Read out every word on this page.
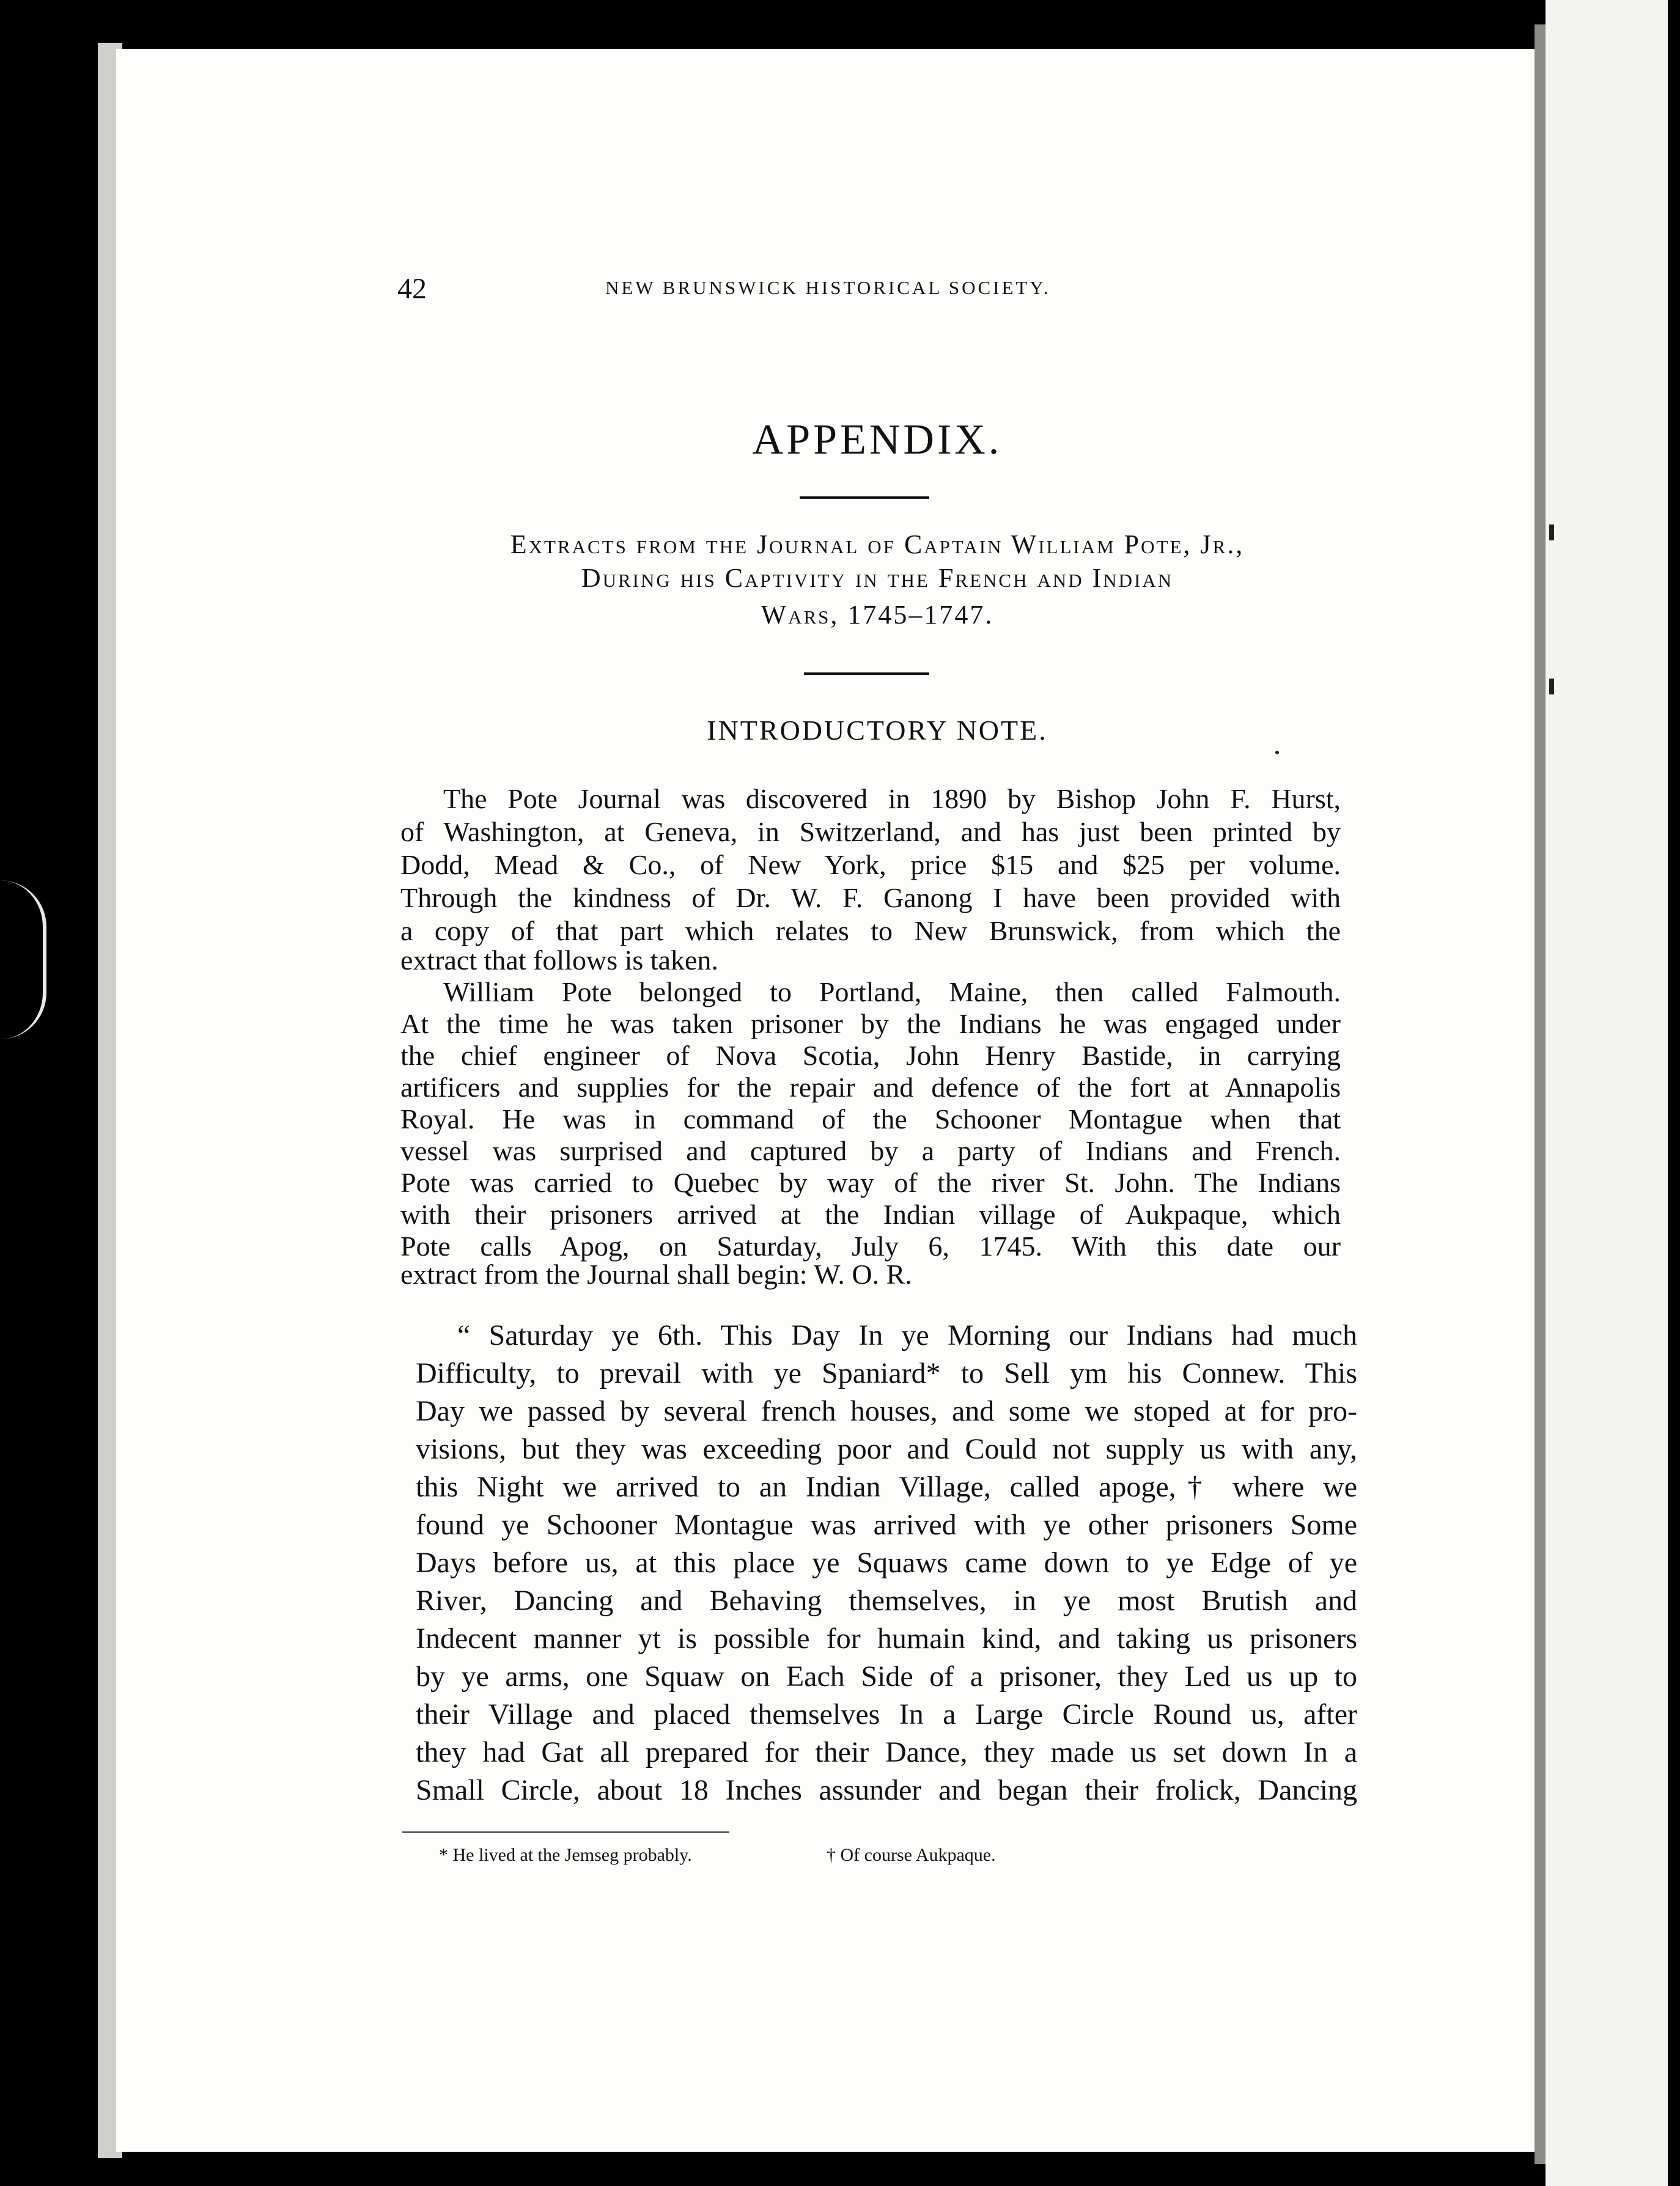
42	NEW BRUNSWICK HISTORICAL SOCIETY.
APPENDIX.
Extracts from the Journal of Captain William Pote, Jr.,
During his Captivity in the French and Indian
Wars, 1745–1747.
INTRODUCTORY NOTE.
The Pote Journal was discovered in 1890 by Bishop John F. Hurst,
of Washington, at Geneva, in Switzerland, and has just been printed by
Dodd, Mead & Co., of New York, price $15 and $25 per volume.
Through the kindness of Dr. W. F. Ganong I have been provided with
a copy of that part which relates to New Brunswick, from which the
extract that follows is taken.
William Pote belonged to Portland, Maine, then called Falmouth.
At the time he was taken prisoner by the Indians he was engaged under
the chief engineer of Nova Scotia, John Henry Bastide, in carrying
artificers and supplies for the repair and defence of the fort at Annapolis
Royal. He was in command of the Schooner Montague when that
vessel was surprised and captured by a party of Indians and French.
Pote was carried to Quebec by way of the river St. John. The Indians
with their prisoners arrived at the Indian village of Aukpaque, which
Pote calls Apog, on Saturday, July 6, 1745. With this date our
extract from the Journal shall begin: W. O. R.
“ Saturday ye 6th. This Day In ye Morning our Indians had much
Difficulty, to prevail with ye Spaniard* to Sell ym his Connew. This
Day we passed by several french houses, and some we stoped at for pro-
visions, but they was exceeding poor and Could not supply us with any,
this Night we arrived to an Indian Village, called apoge,† where we
found ye Schooner Montague was arrived with ye other prisoners Some
Days before us, at this place ye Squaws came down to ye Edge of ye
River, Dancing and Behaving themselves, in ye most Brutish and
Indecent manner yt is possible for humain kind, and taking us prisoners
by ye arms, one Squaw on Each Side of a prisoner, they Led us up to
their Village and placed themselves In a Large Circle Round us, after
they had Gat all prepared for their Dance, they made us set down In a
Small Circle, about 18 Inches assunder and began their frolick, Dancing
* He lived at the Jemseg probably.	† Of course Aukpaque.
